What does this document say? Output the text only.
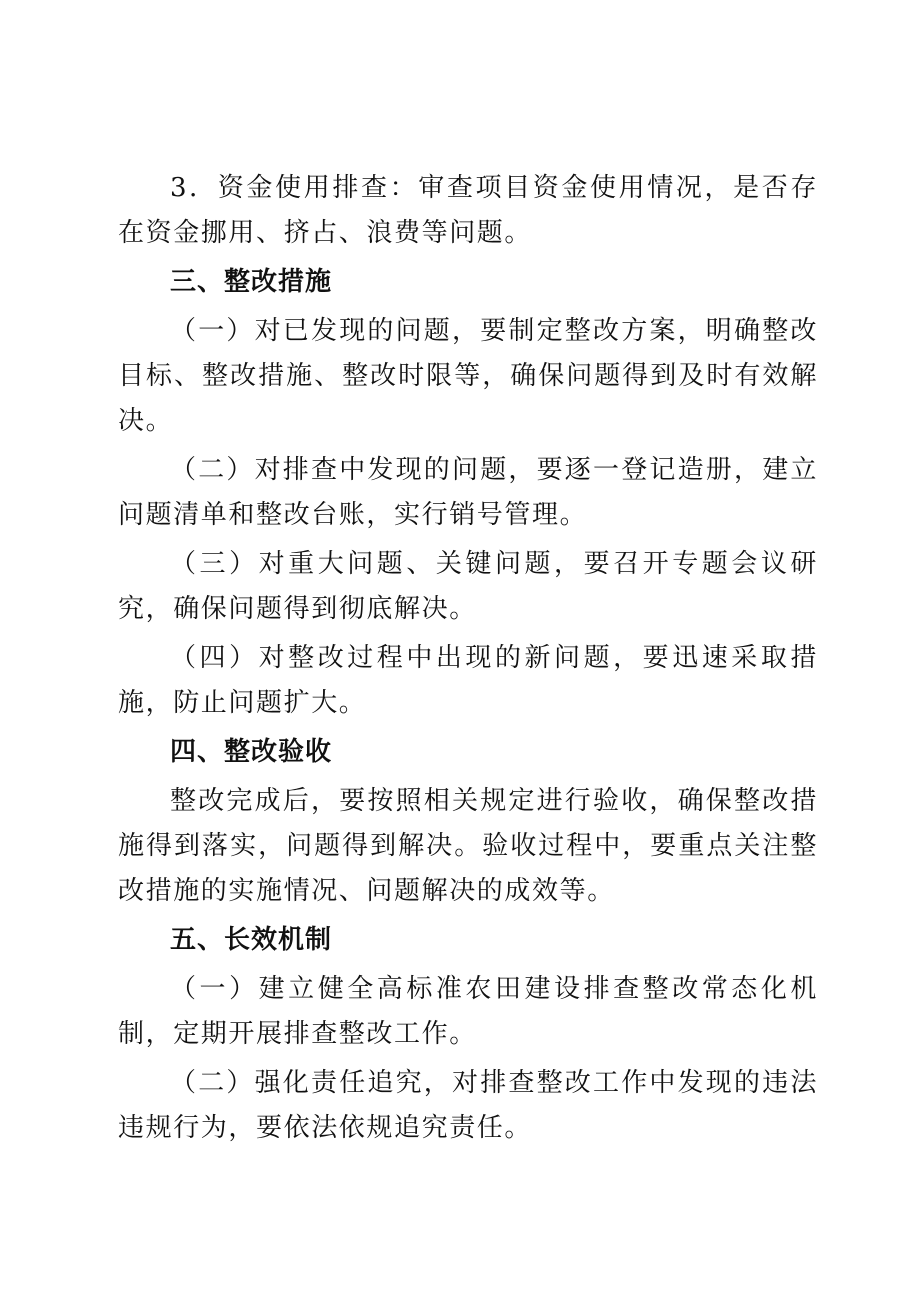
3．资金使用排查：审查项目资金使用情况，是否存在资金挪用、挤占、浪费等问题。

三、整改措施

（一）对已发现的问题，要制定整改方案，明确整改目标、整改措施、整改时限等，确保问题得到及时有效解决。

（二）对排查中发现的问题，要逐一登记造册，建立问题清单和整改台账，实行销号管理。

（三）对重大问题、关键问题，要召开专题会议研究，确保问题得到彻底解决。

（四）对整改过程中出现的新问题，要迅速采取措施，防止问题扩大。

四、整改验收

整改完成后，要按照相关规定进行验收，确保整改措施得到落实，问题得到解决。验收过程中，要重点关注整改措施的实施情况、问题解决的成效等。

五、长效机制

（一）建立健全高标准农田建设排查整改常态化机制，定期开展排查整改工作。

（二）强化责任追究，对排查整改工作中发现的违法违规行为，要依法依规追究责任。
